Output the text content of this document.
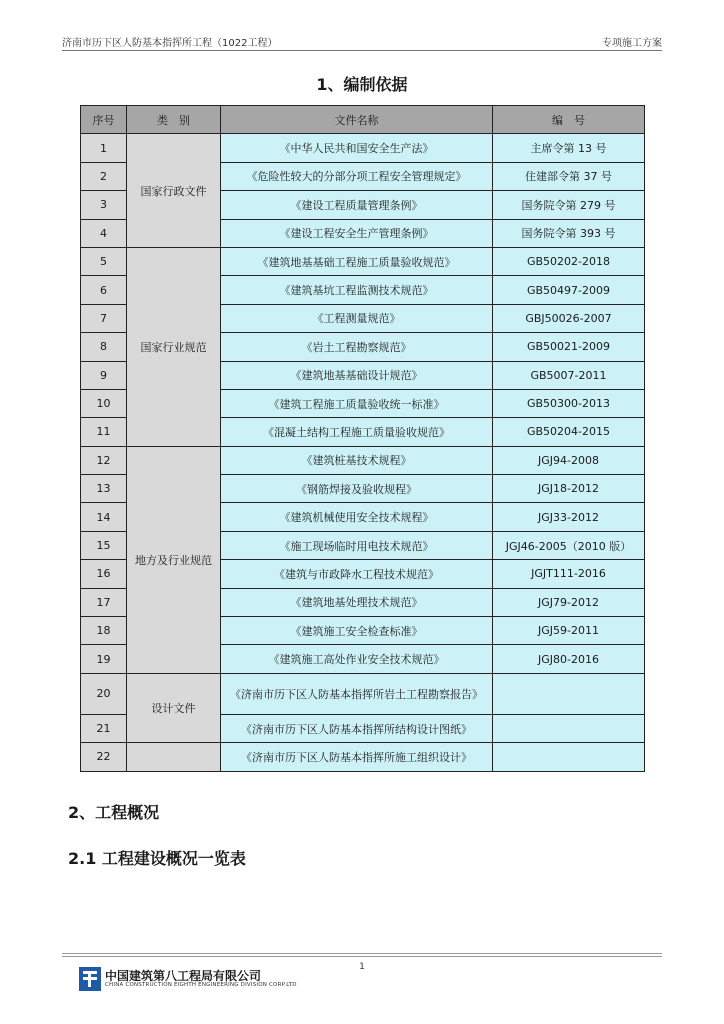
济南市历下区人防基本指挥所工程（1022工程）	专项施工方案
1、编制依据
序号	类　别	文件名称	编　号
1	国家行政文件	《中华人民共和国安全生产法》	主席令第 13 号
2		《危险性较大的分部分项工程安全管理规定》	住建部令第 37 号
3		《建设工程质量管理条例》	国务院令第 279 号
4		《建设工程安全生产管理条例》	国务院令第 393 号
5	国家行业规范	《建筑地基基础工程施工质量验收规范》	GB50202-2018
6		《建筑基坑工程监测技术规范》	GB50497-2009
7		《工程测量规范》	GBJ50026-2007
8		《岩土工程勘察规范》	GB50021-2009
9		《建筑地基基础设计规范》	GB5007-2011
10		《建筑工程施工质量验收统一标准》	GB50300-2013
11		《混凝土结构工程施工质量验收规范》	GB50204-2015
12	地方及行业规范	《建筑桩基技术规程》	JGJ94-2008
13		《钢筋焊接及验收规程》	JGJ18-2012
14		《建筑机械使用安全技术规程》	JGJ33-2012
15		《施工现场临时用电技术规范》	JGJ46-2005（2010 版）
16		《建筑与市政降水工程技术规范》	JGJT111-2016
17		《建筑地基处理技术规范》	JGJ79-2012
18		《建筑施工安全检查标准》	JGJ59-2011
19		《建筑施工高处作业安全技术规范》	JGJ80-2016
20	设计文件	《济南市历下区人防基本指挥所岩土工程勘察报告》	
21		《济南市历下区人防基本指挥所结构设计图纸》	
22		《济南市历下区人防基本指挥所施工组织设计》	
2、工程概况
2.1 工程建设概况一览表
1
中国建筑第八工程局有限公司
CHINA CONSTRUCTION EIGHTH ENGINEERING DIVISION CORP.LTD
